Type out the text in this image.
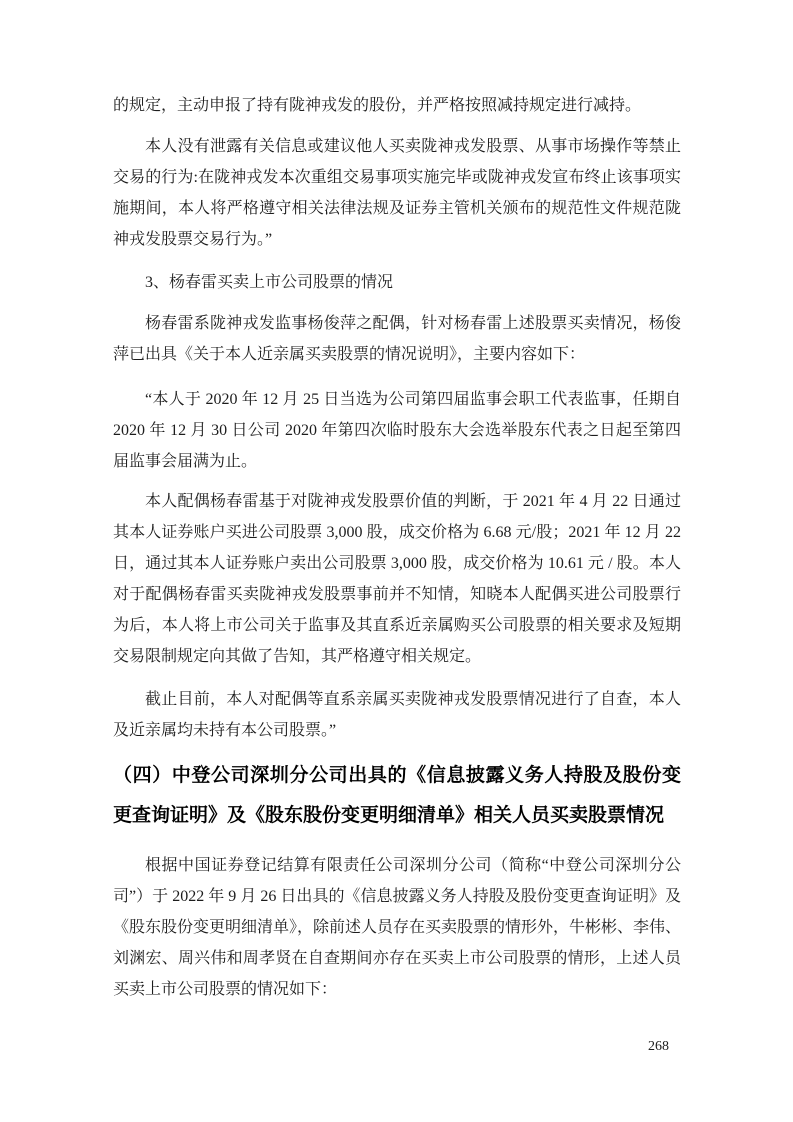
的规定，主动申报了持有陇神戎发的股份，并严格按照减持规定进行减持。

本人没有泄露有关信息或建议他人买卖陇神戎发股票、从事市场操作等禁止交易的行为:在陇神戎发本次重组交易事项实施完毕或陇神戎发宣布终止该事项实施期间，本人将严格遵守相关法律法规及证券主管机关颁布的规范性文件规范陇神戎发股票交易行为。”

3、杨春雷买卖上市公司股票的情况

杨春雷系陇神戎发监事杨俊萍之配偶，针对杨春雷上述股票买卖情况，杨俊萍已出具《关于本人近亲属买卖股票的情况说明》，主要内容如下：

“本人于 2020 年 12 月 25 日当选为公司第四届监事会职工代表监事，任期自 2020 年 12 月 30 日公司 2020 年第四次临时股东大会选举股东代表之日起至第四届监事会届满为止。

本人配偶杨春雷基于对陇神戎发股票价值的判断，于 2021 年 4 月 22 日通过其本人证券账户买进公司股票 3,000 股，成交价格为 6.68 元/股；2021 年 12 月 22 日，通过其本人证券账户卖出公司股票 3,000 股，成交价格为 10.61 元 / 股。本人对于配偶杨春雷买卖陇神戎发股票事前并不知情，知晓本人配偶买进公司股票行为后，本人将上市公司关于监事及其直系近亲属购买公司股票的相关要求及短期交易限制规定向其做了告知，其严格遵守相关规定。

截止目前，本人对配偶等直系亲属买卖陇神戎发股票情况进行了自查，本人及近亲属均未持有本公司股票。”

（四）中登公司深圳分公司出具的《信息披露义务人持股及股份变更查询证明》及《股东股份变更明细清单》相关人员买卖股票情况

根据中国证券登记结算有限责任公司深圳分公司（简称“中登公司深圳分公司”）于 2022 年 9 月 26 日出具的《信息披露义务人持股及股份变更查询证明》及《股东股份变更明细清单》，除前述人员存在买卖股票的情形外，牛彬彬、李伟、刘渊宏、周兴伟和周孝贤在自查期间亦存在买卖上市公司股票的情形，上述人员买卖上市公司股票的情况如下：

268
